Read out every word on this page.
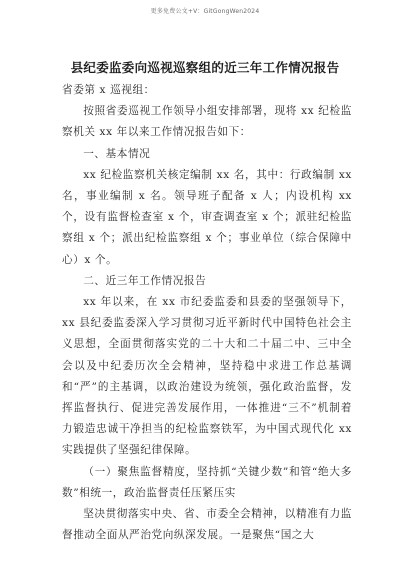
更多免费公文+V：GitGongWen2024
县纪委监委向巡视巡察组的近三年工作情况报告

省委第 x 巡视组：

按照省委巡视工作领导小组安排部署，现将 xx 纪检监察机关 xx 年以来工作情况报告如下：

一、基本情况

xx 纪检监察机关核定编制 xx 名，其中：行政编制 xx 名，事业编制 x 名。领导班子配备 x 人；内设机构 xx 个，设有监督检查室 x 个，审查调查室 x 个；派驻纪检监察组 x 个；派出纪检监察组 x 个；事业单位（综合保障中心）x 个。

二、近三年工作情况报告

xx 年以来，在 xx 市纪委监委和县委的坚强领导下，xx 县纪委监委深入学习贯彻习近平新时代中国特色社会主义思想，全面贯彻落实党的二十大和二十届二中、三中全会以及中纪委历次全会精神，坚持稳中求进工作总基调和“严”的主基调，以政治建设为统领，强化政治监督，发挥监督执行、促进完善发展作用，一体推进“三不”机制着力锻造忠诚干净担当的纪检监察铁军，为中国式现代化 xx 实践提供了坚强纪律保障。

（一）聚焦监督精度，坚持抓“关键少数”和管“绝大多数”相统一，政治监督责任压紧压实

坚决贯彻落实中央、省、市委全会精神，以精准有力监督推动全面从严治党向纵深发展。一是聚焦“国之大
